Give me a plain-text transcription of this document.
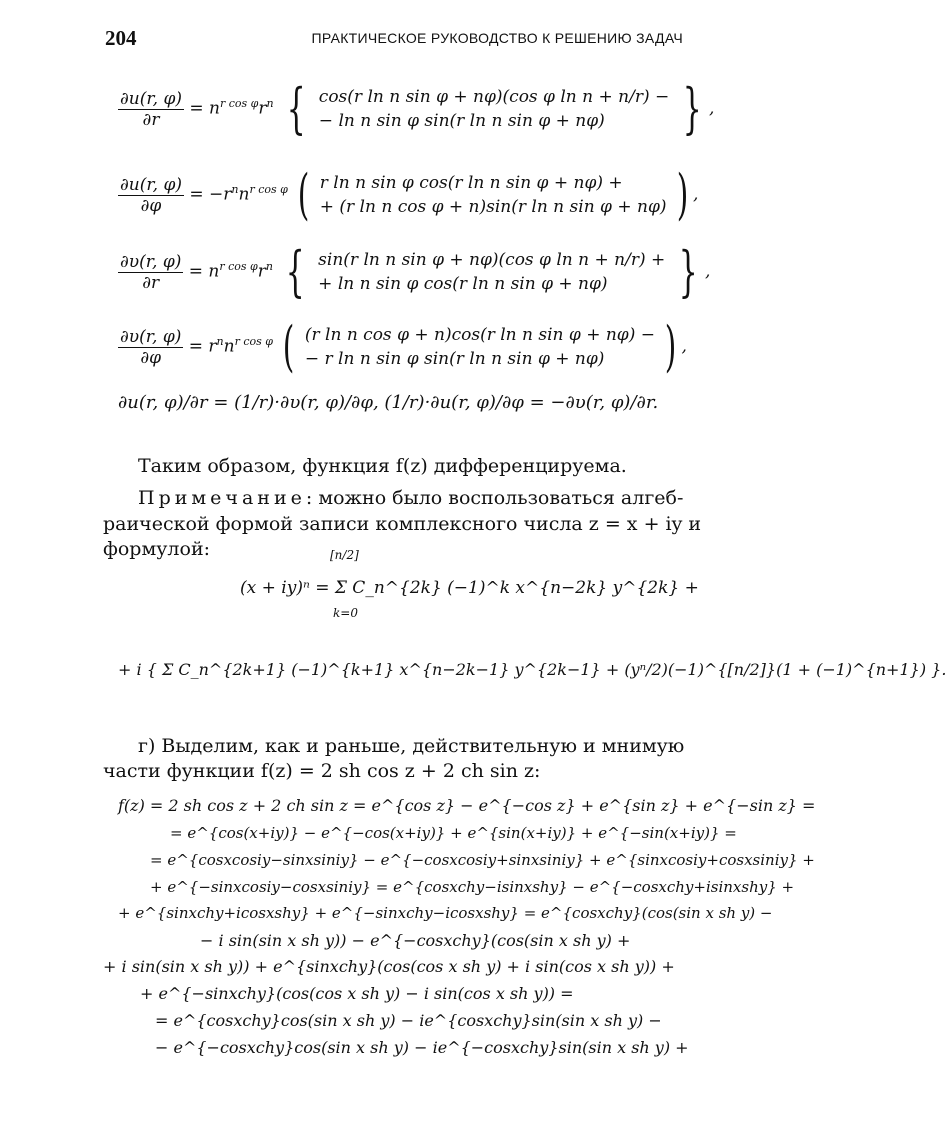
204	ПРАКТИЧЕСКОЕ РУКОВОДСТВО К РЕШЕНИЮ ЗАДАЧ
$\frac{\partial u(r, \varphi)}{\partial r} = n^{r cos \varphi}r^n$ { cos(r ln n sin φ + nφ)(cos φ ln n + n/r) −
− ln n sin φ sin(r ln n sin φ + nφ)	} ,
$\frac{\partial u(r, \varphi)}{\partial\varphi} = -r^nn^{r cos \varphi}$ ( r ln n sin φ cos(r ln n sin φ + nφ) +
+ (r ln n cos φ + n)sin(r ln n sin φ + nφ) ) ,
$\frac{\partial\upsilon(r, \varphi)}{\partial r} = n^{r cos \varphi}r^n$ { sin(r ln n sin φ + nφ)(cos φ ln n + n/r) +
+ ln n sin φ cos(r ln n sin φ + nφ)	} ,
$\frac{\partial\upsilon(r, \varphi)}{\partial\varphi} = r^nn^{r cos \varphi}$ ( (r ln n cos φ + n)cos(r ln n sin φ + nφ) −
− r ln n sin φ sin(r ln n sin φ + nφ)	) ,
∂u(r, φ)/∂r = (1/r)·∂υ(r, φ)/∂φ, (1/r)·∂u(r, φ)/∂φ = −∂υ(r, φ)/∂r.
Таким образом, функция f(z) дифференцируема.
Примечание: можно было воспользоваться алгеб-
раической формой записи комплексного числа z = x + iy и
формулой:	[n/2]
(x + iy)ⁿ = Σ C_n^{2k} (−1)^k x^{n−2k} y^{2k} +
k=0
+ i { Σ C_n^{2k+1} (−1)^{k+1} x^{n−2k−1} y^{2k−1} + (yⁿ/2)(−1)^{[n/2]}(1 + (−1)^{n+1}) }.
г) Выделим, как и раньше, действительную и мнимую
части функции f(z) = 2 sh cos z + 2 ch sin z:
f(z) = 2 sh cos z + 2 ch sin z = e^{cos z} − e^{−cos z} + e^{sin z} + e^{−sin z} =
= e^{cos(x+iy)} − e^{−cos(x+iy)} + e^{sin(x+iy)} + e^{−sin(x+iy)} =
= e^{cosxcosiy−sinxsiniy} − e^{−cosxcosiy+sinxsiniy} + e^{sinxcosiy+cosxsiniy} +
+ e^{−sinxcosiy−cosxsiniy} = e^{cosxchy−isinxshy} − e^{−cosxchy+isinxshy} +
+ e^{sinxchy+icosxshy} + e^{−sinxchy−icosxshy} = e^{cosxchy}(cos(sin x sh y) −
− i sin(sin x sh y)) − e^{−cosxchy}(cos(sin x sh y) +
+ i sin(sin x sh y)) + e^{sinxchy}(cos(cos x sh y) + i sin(cos x sh y)) +
+ e^{−sinxchy}(cos(cos x sh y) − i sin(cos x sh y)) =
= e^{cosxchy}cos(sin x sh y) − ie^{cosxchy}sin(sin x sh y) −
− e^{−cosxchy}cos(sin x sh y) − ie^{−cosxchy}sin(sin x sh y) +
